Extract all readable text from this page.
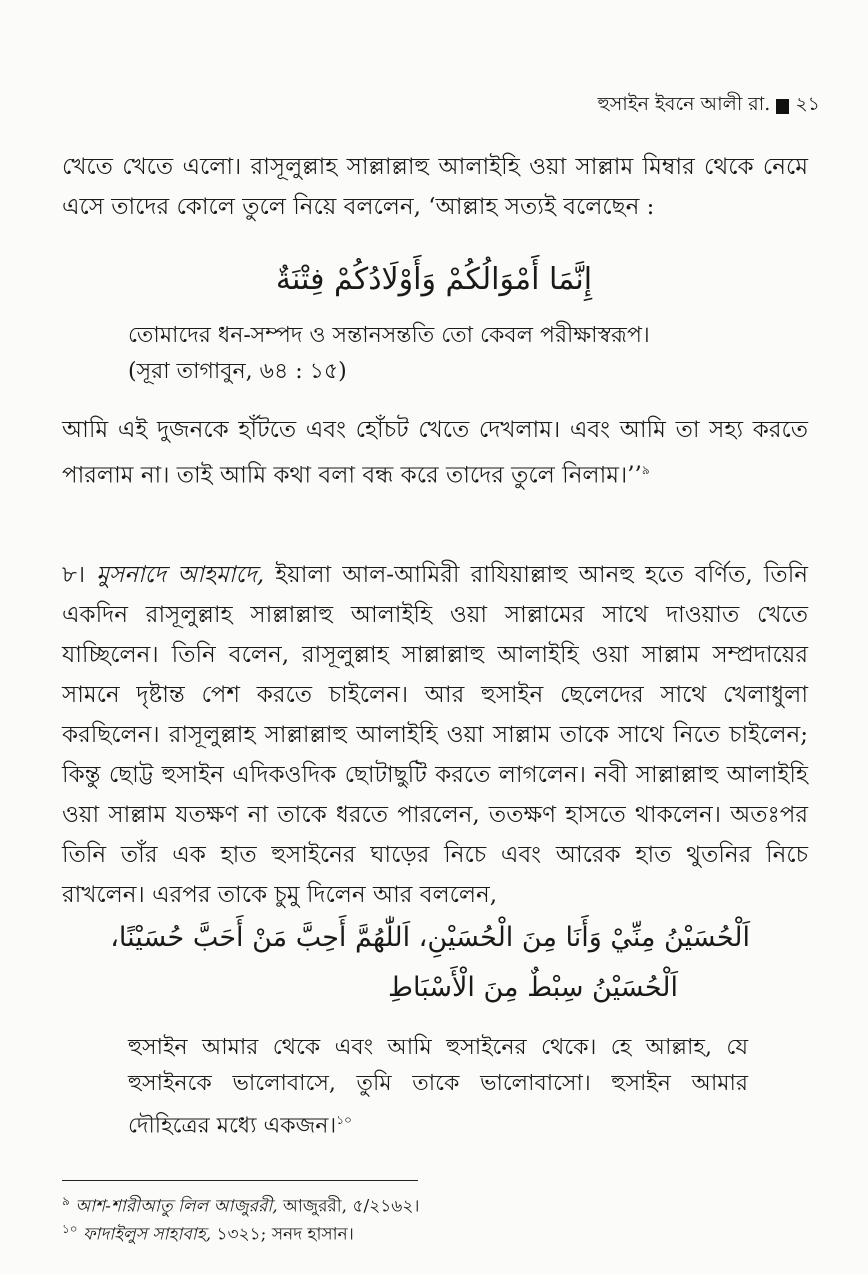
হুসাইন ইবনে আলী রা. ২১
খেতে খেতে এলো। রাসূলুল্লাহ সাল্লাল্লাহু আলাইহি ওয়া সাল্লাম মিম্বার থেকে নেমে এসে তাদের কোলে তুলে নিয়ে বললেন, ‘আল্লাহ সত্যই বলেছেন :
إِنَّمَا أَمْوَالُكُمْ وَأَوْلَادُكُمْ فِتْنَةٌ
তোমাদের ধন-সম্পদ ও সন্তানসন্ততি তো কেবল পরীক্ষাস্বরূপ।
(সূরা তাগাবুন, ৬৪ : ১৫)
আমি এই দুজনকে হাঁটতে এবং হোঁচট খেতে দেখলাম। এবং আমি তা সহ্য করতে পারলাম না। তাই আমি কথা বলা বন্ধ করে তাদের তুলে নিলাম।’’$^৯$
৮। মুসনাদে আহমাদে, ইয়ালা আল-আমিরী রাযিয়াল্লাহু আনহু হতে বর্ণিত, তিনি একদিন রাসূলুল্লাহ সাল্লাল্লাহু আলাইহি ওয়া সাল্লামের সাথে দাওয়াত খেতে যাচ্ছিলেন। তিনি বলেন, রাসূলুল্লাহ সাল্লাল্লাহু আলাইহি ওয়া সাল্লাম সম্প্রদায়ের সামনে দৃষ্টান্ত পেশ করতে চাইলেন। আর হুসাইন ছেলেদের সাথে খেলাধুলা করছিলেন। রাসূলুল্লাহ সাল্লাল্লাহু আলাইহি ওয়া সাল্লাম তাকে সাথে নিতে চাইলেন; কিন্তু ছোট্ট হুসাইন এদিকওদিক ছোটাছুটি করতে লাগলেন। নবী সাল্লাল্লাহু আলাইহি ওয়া সাল্লাম যতক্ষণ না তাকে ধরতে পারলেন, ততক্ষণ হাসতে থাকলেন। অতঃপর তিনি তাঁর এক হাত হুসাইনের ঘাড়ের নিচে এবং আরেক হাত থুতনির নিচে রাখলেন। এরপর তাকে চুমু দিলেন আর বললেন,
اَلْحُسَيْنُ مِنِّيْ وَأَنَا مِنَ الْحُسَيْنِ، اَللّٰهُمَّ أَحِبَّ مَنْ أَحَبَّ حُسَيْنًا،
اَلْحُسَيْنُ سِبْطٌ مِنَ الْأَسْبَاطِ
হুসাইন আমার থেকে এবং আমি হুসাইনের থেকে। হে আল্লাহ, যে হুসাইনকে ভালোবাসে, তুমি তাকে ভালোবাসো। হুসাইন আমার দৌহিত্রের মধ্যে একজন।$^{১০}$
$^৯$ আশ-শারীআতু লিল আজুররী, আজুররী, ৫/২১৬২।
$^{১০}$ ফাদাইলুস সাহাবাহ, ১৩২১; সনদ হাসান।
